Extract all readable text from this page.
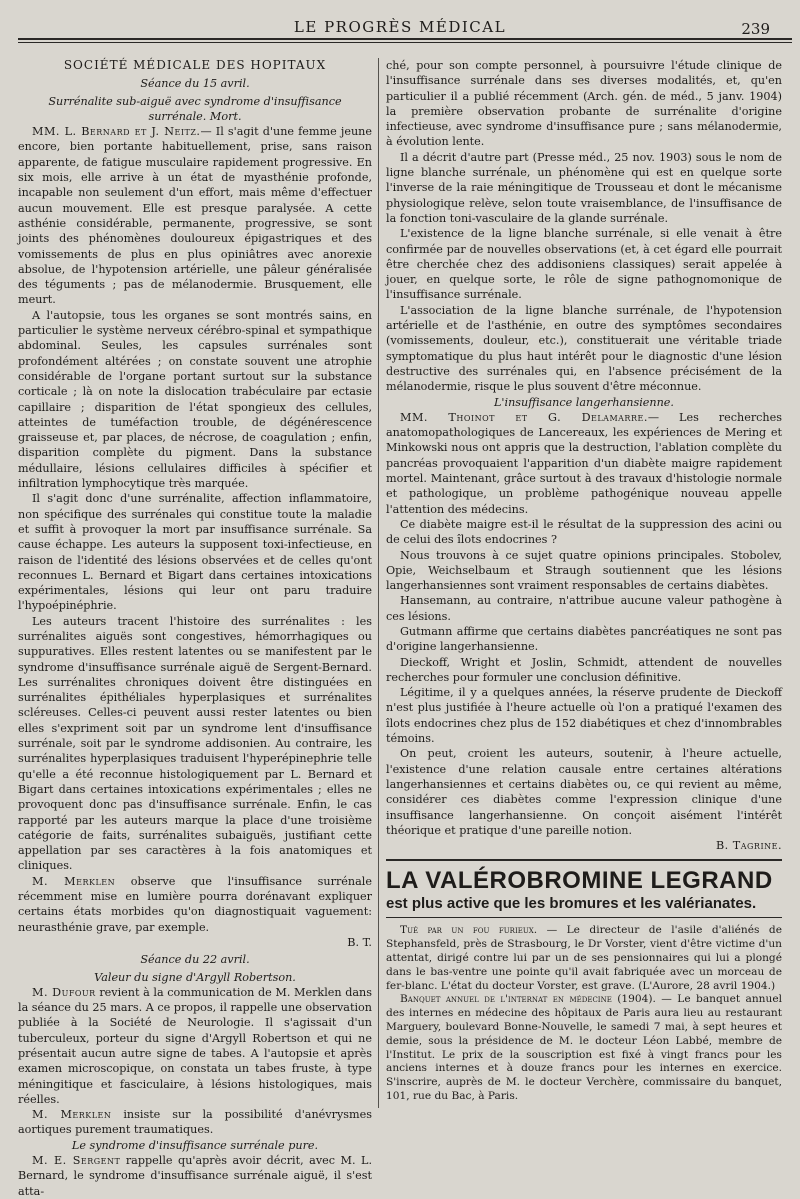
LE PROGRÈS MÉDICAL	239

SOCIÉTÉ MÉDICALE DES HOPITAUX

Séance du 15 avril.

Surrénalite sub-aiguë avec syndrome d'insuffisance surrénale. Mort.

MM. L. Bernard et J. Neitz.— Il s'agit d'une femme jeune encore, bien portante habituellement, prise, sans raison apparente, de fatigue musculaire rapidement progressive. En six mois, elle arrive à un état de myasthénie profonde, incapable non seulement d'un effort, mais même d'effectuer aucun mouvement. Elle est presque paralysée. A cette asthénie considérable, permanente, progressive, se sont joints des phénomènes douloureux épigastriques et des vomissements de plus en plus opiniâtres avec anorexie absolue, de l'hypotension artérielle, une pâleur généralisée des téguments ; pas de mélanodermie. Brusquement, elle meurt.

A l'autopsie, tous les organes se sont montrés sains, en particulier le système nerveux cérébro-spinal et sympathique abdominal. Seules, les capsules surrénales sont profondément altérées ; on constate souvent une atrophie considérable de l'organe portant surtout sur la substance corticale ; là on note la dislocation trabéculaire par ectasie capillaire ; disparition de l'état spongieux des cellules, atteintes de tuméfaction trouble, de dégénérescence graisseuse et, par places, de nécrose, de coagulation ; enfin, disparition complète du pigment. Dans la substance médullaire, lésions cellulaires difficiles à spécifier et infiltration lymphocytique très marquée.

Il s'agit donc d'une surrénalite, affection inflammatoire, non spécifique des surrénales qui constitue toute la maladie et suffit à provoquer la mort par insuffisance surrénale. Sa cause échappe. Les auteurs la supposent toxi-infectieuse, en raison de l'identité des lésions observées et de celles qu'ont reconnues L. Bernard et Bigart dans certaines intoxications expérimentales, lésions qui leur ont paru traduire l'hypoépinéphrie.

Les auteurs tracent l'histoire des surrénalites : les surrénalites aiguës sont congestives, hémorrhagiques ou suppuratives. Elles restent latentes ou se manifestent par le syndrome d'insuffisance surrénale aiguë de Sergent-Bernard. Les surrénalites chroniques doivent être distinguées en surrénalites épithéliales hyperplasiques et surrénalites scléreuses. Celles-ci peuvent aussi rester latentes ou bien elles s'expriment soit par un syndrome lent d'insuffisance surrénale, soit par le syndrome addisonien. Au contraire, les surrénalites hyperplasiques traduisent l'hyperépinephrie telle qu'elle a été reconnue histologiquement par L. Bernard et Bigart dans certaines intoxications expérimentales ; elles ne provoquent donc pas d'insuffisance surrénale. Enfin, le cas rapporté par les auteurs marque la place d'une troisième catégorie de faits, surrénalites subaiguës, justifiant cette appellation par ses caractères à la fois anatomiques et cliniques.

M. Merklen observe que l'insuffisance surrénale récemment mise en lumière pourra dorénavant expliquer certains états morbides qu'on diagnostiquait vaguement: neurasthénie grave, par exemple.

B. T.

Séance du 22 avril.

Valeur du signe d'Argyll Robertson.

M. Dufour revient à la communication de M. Merklen dans la séance du 25 mars. A ce propos, il rappelle une observation publiée à la Société de Neurologie. Il s'agissait d'un tuberculeux, porteur du signe d'Argyll Robertson et qui ne présentait aucun autre signe de tabes. A l'autopsie et après examen microscopique, on constata un tabes fruste, à type méningitique et fasciculaire, à lésions histologiques, mais réelles.

M. Merklen insiste sur la possibilité d'anévrysmes aortiques purement traumatiques.

Le syndrome d'insuffisance surrénale pure.

M. E. Sergent rappelle qu'après avoir décrit, avec M. L. Bernard, le syndrome d'insuffisance surrénale aiguë, il s'est atta-

ché, pour son compte personnel, à poursuivre l'étude clinique de l'insuffisance surrénale dans ses diverses modalités, et, qu'en particulier il a publié récemment (Arch. gén. de méd., 5 janv. 1904) la première observation probante de surrénalite d'origine infectieuse, avec syndrome d'insuffisance pure ; sans mélanodermie, à évolution lente.

Il a décrit d'autre part (Presse méd., 25 nov. 1903) sous le nom de ligne blanche surrénale, un phénomène qui est en quelque sorte l'inverse de la raie méningitique de Trousseau et dont le mécanisme physiologique relève, selon toute vraisemblance, de l'insuffisance de la fonction toni-vasculaire de la glande surrénale.

L'existence de la ligne blanche surrénale, si elle venait à être confirmée par de nouvelles observations (et, à cet égard elle pourrait être cherchée chez des addisoniens classiques) serait appelée à jouer, en quelque sorte, le rôle de signe pathognomonique de l'insuffisance surrénale.

L'association de la ligne blanche surrénale, de l'hypotension artérielle et de l'asthénie, en outre des symptômes secondaires (vomissements, douleur, etc.), constituerait une véritable triade symptomatique du plus haut intérêt pour le diagnostic d'une lésion destructive des surrénales qui, en l'absence précisément de la mélanodermie, risque le plus souvent d'être méconnue.

L'insuffisance langerhansienne.

MM. Thoinot et G. Delamarre.— Les recherches anatomopathologiques de Lancereaux, les expériences de Mering et Minkowski nous ont appris que la destruction, l'ablation complète du pancréas provoquaient l'apparition d'un diabète maigre rapidement mortel. Maintenant, grâce surtout à des travaux d'histologie normale et pathologique, un problème pathogénique nouveau appelle l'attention des médecins.

Ce diabète maigre est-il le résultat de la suppression des acini ou de celui des îlots endocrines ?

Nous trouvons à ce sujet quatre opinions principales. Stobolev, Opie, Weichselbaum et Straugh soutiennent que les lésions langerhansiennes sont vraiment responsables de certains diabètes.

Hansemann, au contraire, n'attribue aucune valeur pathogène à ces lésions.

Gutmann affirme que certains diabètes pancréatiques ne sont pas d'origine langerhansienne.

Dieckoff, Wright et Joslin, Schmidt, attendent de nouvelles recherches pour formuler une conclusion définitive.

Légitime, il y a quelques années, la réserve prudente de Dieckoff n'est plus justifiée à l'heure actuelle où l'on a pratiqué l'examen des îlots endocrines chez plus de 152 diabétiques et chez d'innombrables témoins.

On peut, croient les auteurs, soutenir, à l'heure actuelle, l'existence d'une relation causale entre certaines altérations langerhansiennes et certains diabètes ou, ce qui revient au même, considérer ces diabètes comme l'expression clinique d'une insuffisance langerhansienne. On conçoit aisément l'intérêt théorique et pratique d'une pareille notion.

B. Tagrine.

LA VALÉROBROMINE LEGRAND

est plus active que les bromures et les valérianates.

Tué par un fou furieux. — Le directeur de l'asile d'aliénés de Stephansfeld, près de Strasbourg, le Dr Vorster, vient d'être victime d'un attentat, dirigé contre lui par un de ses pensionnaires qui lui a plongé dans le bas-ventre une pointe qu'il avait fabriquée avec un morceau de fer-blanc. L'état du docteur Vorster, est grave. (L'Aurore, 28 avril 1904.)

Banquet annuel de l'internat en médecine (1904). — Le banquet annuel des internes en médecine des hôpitaux de Paris aura lieu au restaurant Marguery, boulevard Bonne-Nouvelle, le samedi 7 mai, à sept heures et demie, sous la présidence de M. le docteur Léon Labbé, membre de l'Institut. Le prix de la souscription est fixé à vingt francs pour les anciens internes et à douze francs pour les internes en exercice. S'inscrire, auprès de M. le docteur Verchère, commissaire du banquet, 101, rue du Bac, à Paris.
